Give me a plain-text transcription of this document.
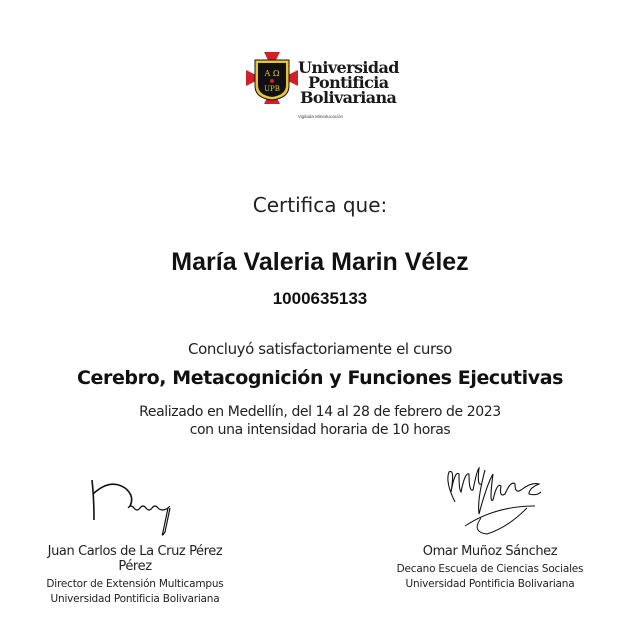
A Ω
UPB
Universidad
Pontificia
Bolivariana
Vigilada Mineducación
Certifica que:
María Valeria Marin Vélez
1000635133
Concluyó satisfactoriamente el curso
Cerebro, Metacognición y Funciones Ejecutivas
Realizado en Medellín, del 14 al 28 de febrero de 2023
con una intensidad horaria de 10 horas
Juan Carlos de La Cruz Pérez Pérez
Director de Extensión Multicampus
Universidad Pontificia Bolivariana
Omar Muñoz Sánchez
Decano Escuela de Ciencias Sociales
Universidad Pontificia Bolivariana
